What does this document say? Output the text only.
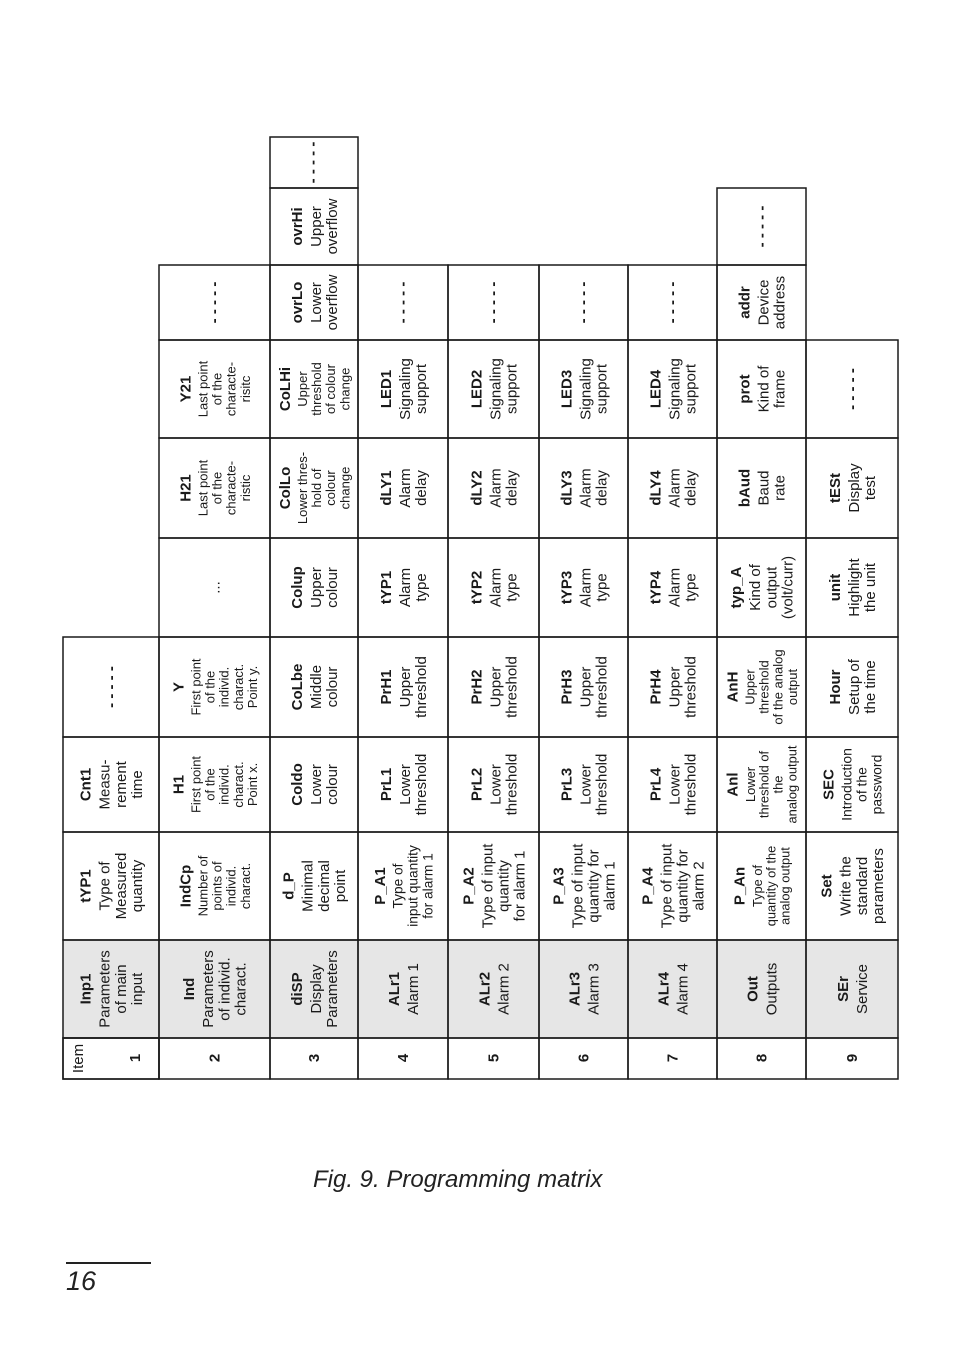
Item	1
Inp1 Parameters of main input
tYP1 Type of Measured quantity
Cnt1 Measu- rement time
- - - - -
2
Ind Parameters of individ. charact.
IndCp Number of points of individ. charact.
H1 First point of the individ. charact. Point x.
Y First point of the individ. charact. Point y.
...
H21 Last point of the characte- ristic
Y21 Last point of the characte- risitc
- - - - -
3
diSP Display Parameters
d_P Minimal decimal point
Coldo Lower colour
CoLbe Middle colour
Colup Upper colour
ColLo Lower thres- hold of colour change
CoLHi Upper threshold of colour change
ovrLo Lower overflow
ovrHi Upper overflow
- - - - -
4
ALr1 Alarm 1
P_A1 Type of input quantity for alarm 1
PrL1 Lower threshold
PrH1 Upper threshold
tYP1 Alarm type
dLY1 Alarm delay
LED1 Signaling support
- - - - -
5
ALr2 Alarm 2
P_A2 Type of input quantity for alarm 1
PrL2 Lower threshold
PrH2 Upper threshold
tYP2 Alarm type
dLY2 Alarm delay
LED2 Signaling support
- - - - -
6
ALr3 Alarm 3
P_A3 Type of input quantity for alarm 1
PrL3 Lower threshold
PrH3 Upper threshold
tYP3 Alarm type
dLY3 Alarm delay
LED3 Signaling support
- - - - -
7
ALr4 Alarm 4
P_A4 Type of input quantity for alarm 2
PrL4 Lower threshold
PrH4 Upper threshold
tYP4 Alarm type
dLY4 Alarm delay
LED4 Signaling support
- - - - -
8
Out Outputs
P_An Type of
quantity of the
analog output
Anl Lower
threshold of
the
analog output
AnH Upper threshold of the analog output
typ_A Kind of output (volt/curr)
bAud Baud rate
prot Kind of frame
addr Device address
- - - - -
9
SEr Service
Set Write the standard parameters
SEC Introduction of the password
Hour Setup of the time
unit Highlight the unit
tESt Display test
- - - - -
Fig. 9. Programming matrix
16
